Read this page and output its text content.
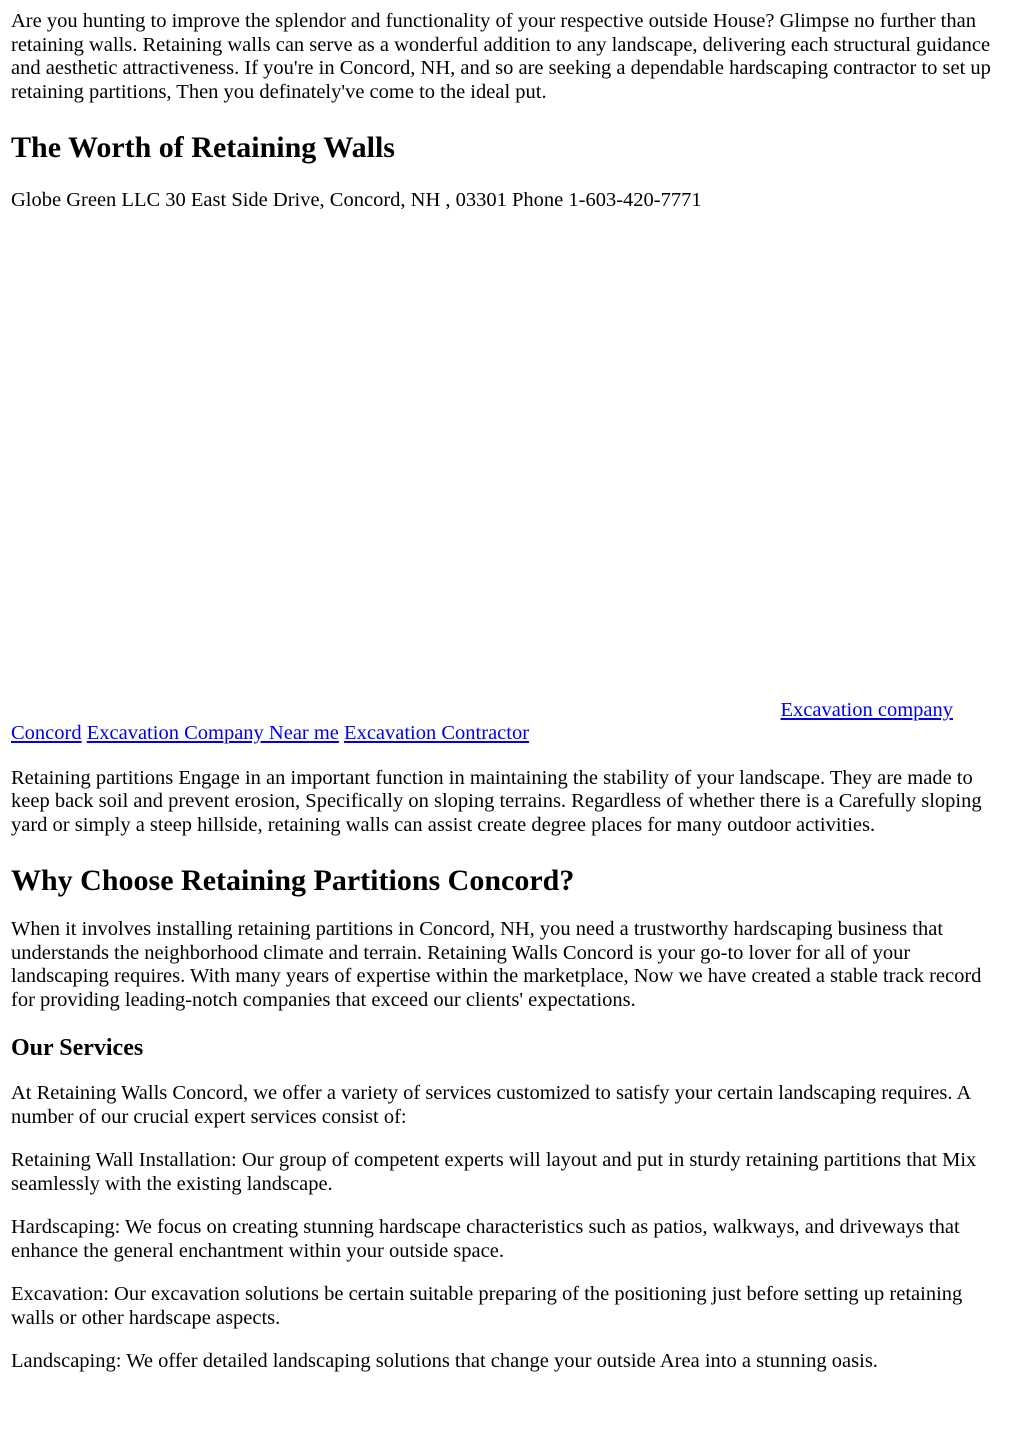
Are you hunting to improve the splendor and functionality of your respective outside House? Glimpse no further than retaining walls. Retaining walls can serve as a wonderful addition to any landscape, delivering each structural guidance and aesthetic attractiveness. If you're in Concord, NH, and so are seeking a dependable hardscaping contractor to set up retaining partitions, Then you definately've come to the ideal put.

The Worth of Retaining Walls

Globe Green LLC 30 East Side Drive, Concord, NH , 03301 Phone 1-603-420-7771

Excavation company
Concord Excavation Company Near me Excavation Contractor

Retaining partitions Engage in an important function in maintaining the stability of your landscape. They are made to keep back soil and prevent erosion, Specifically on sloping terrains. Regardless of whether there is a Carefully sloping yard or simply a steep hillside, retaining walls can assist create degree places for many outdoor activities.

Why Choose Retaining Partitions Concord?

When it involves installing retaining partitions in Concord, NH, you need a trustworthy hardscaping business that understands the neighborhood climate and terrain. Retaining Walls Concord is your go-to lover for all of your landscaping requires. With many years of expertise within the marketplace, Now we have created a stable track record for providing leading-notch companies that exceed our clients' expectations.

Our Services

At Retaining Walls Concord, we offer a variety of services customized to satisfy your certain landscaping requires. A number of our crucial expert services consist of:

Retaining Wall Installation: Our group of competent experts will layout and put in sturdy retaining partitions that Mix seamlessly with the existing landscape.

Hardscaping: We focus on creating stunning hardscape characteristics such as patios, walkways, and driveways that enhance the general enchantment within your outside space.

Excavation: Our excavation solutions be certain suitable preparing of the positioning just before setting up retaining walls or other hardscape aspects.

Landscaping: We offer detailed landscaping solutions that change your outside Area into a stunning oasis.
